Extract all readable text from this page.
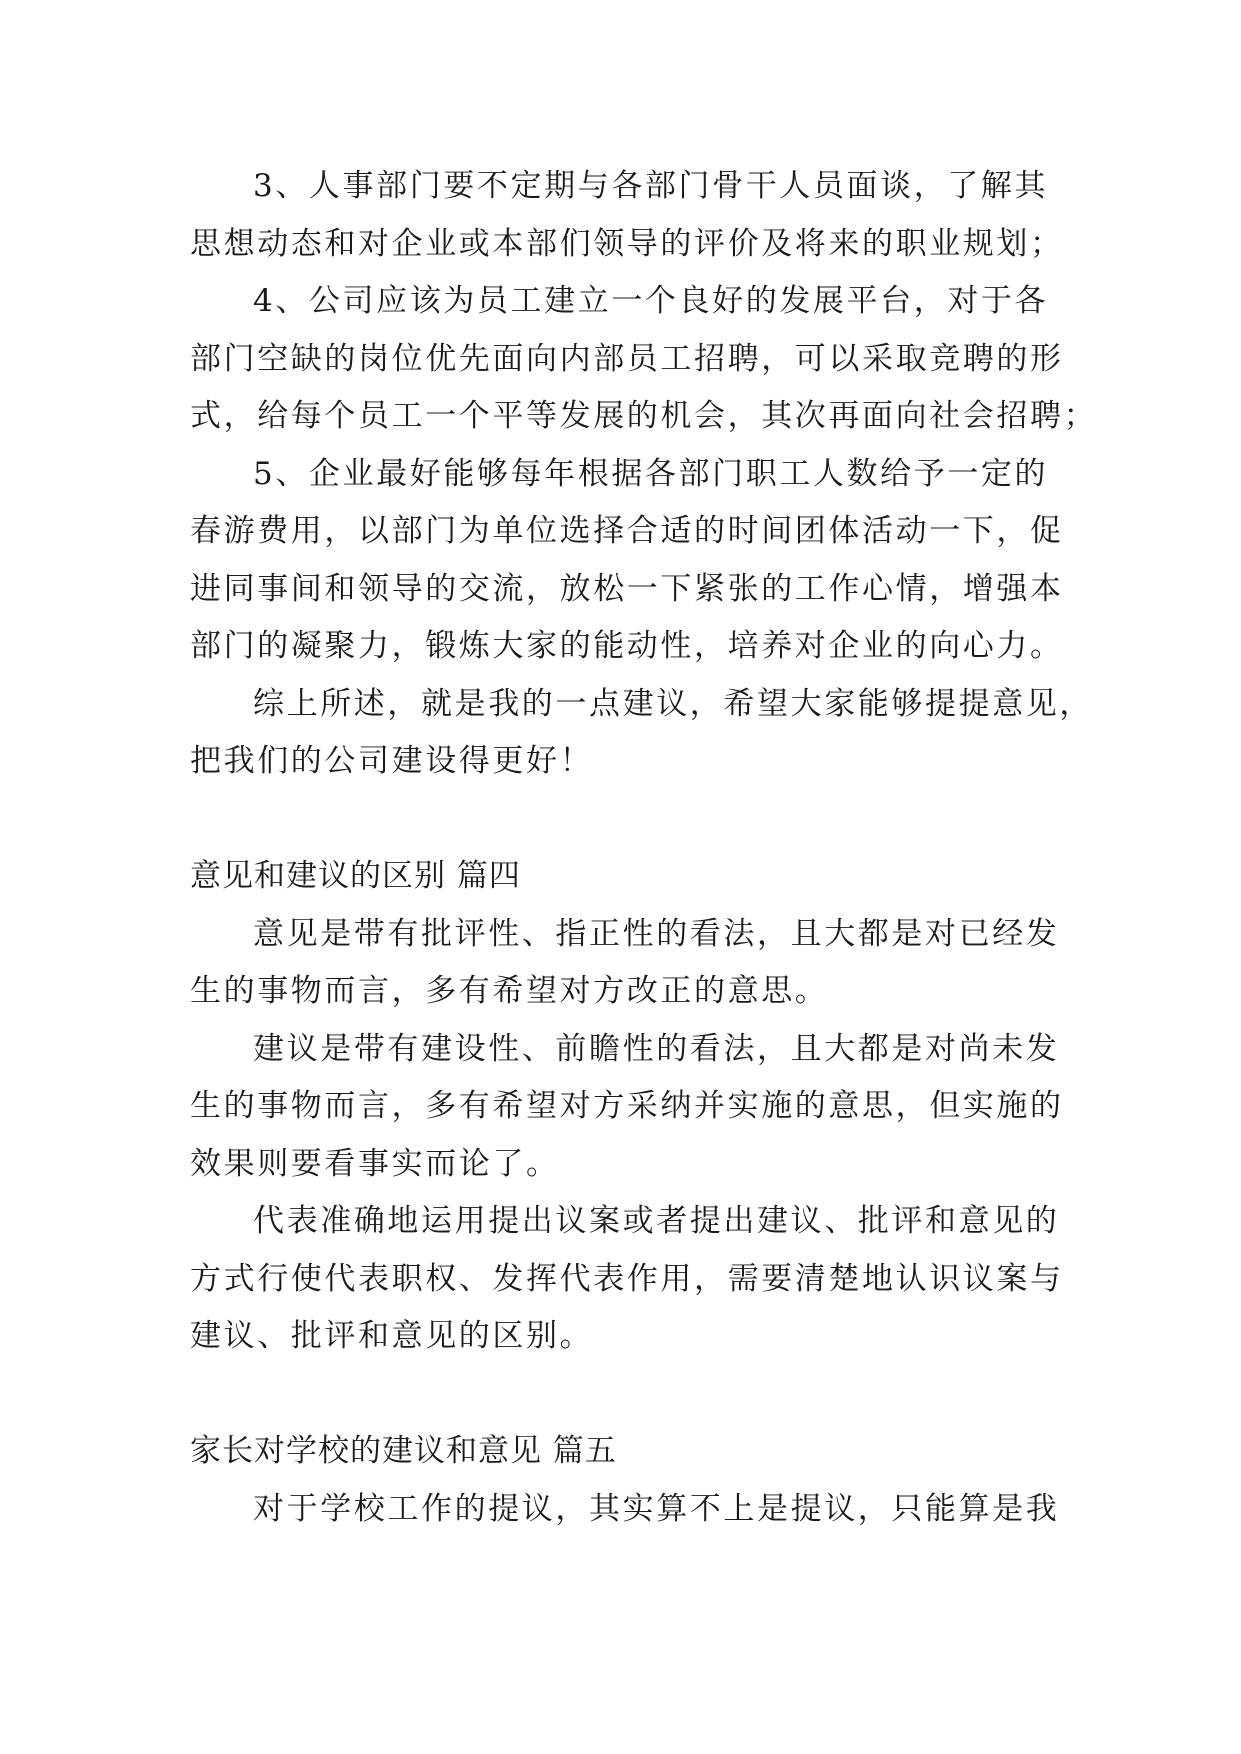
3、人事部门要不定期与各部门骨干人员面谈，了解其
思想动态和对企业或本部们领导的评价及将来的职业规划；
4、公司应该为员工建立一个良好的发展平台，对于各
部门空缺的岗位优先面向内部员工招聘，可以采取竞聘的形
式，给每个员工一个平等发展的机会，其次再面向社会招聘；
5、企业最好能够每年根据各部门职工人数给予一定的
春游费用，以部门为单位选择合适的时间团体活动一下，促
进同事间和领导的交流，放松一下紧张的工作心情，增强本
部门的凝聚力，锻炼大家的能动性，培养对企业的向心力。
综上所述，就是我的一点建议，希望大家能够提提意见，
把我们的公司建设得更好！
意见和建议的区别 篇四
意见是带有批评性、指正性的看法，且大都是对已经发
生的事物而言，多有希望对方改正的意思。
建议是带有建设性、前瞻性的看法，且大都是对尚未发
生的事物而言，多有希望对方采纳并实施的意思，但实施的
效果则要看事实而论了。
代表准确地运用提出议案或者提出建议、批评和意见的
方式行使代表职权、发挥代表作用，需要清楚地认识议案与
建议、批评和意见的区别。
家长对学校的建议和意见 篇五
对于学校工作的提议，其实算不上是提议，只能算是我
